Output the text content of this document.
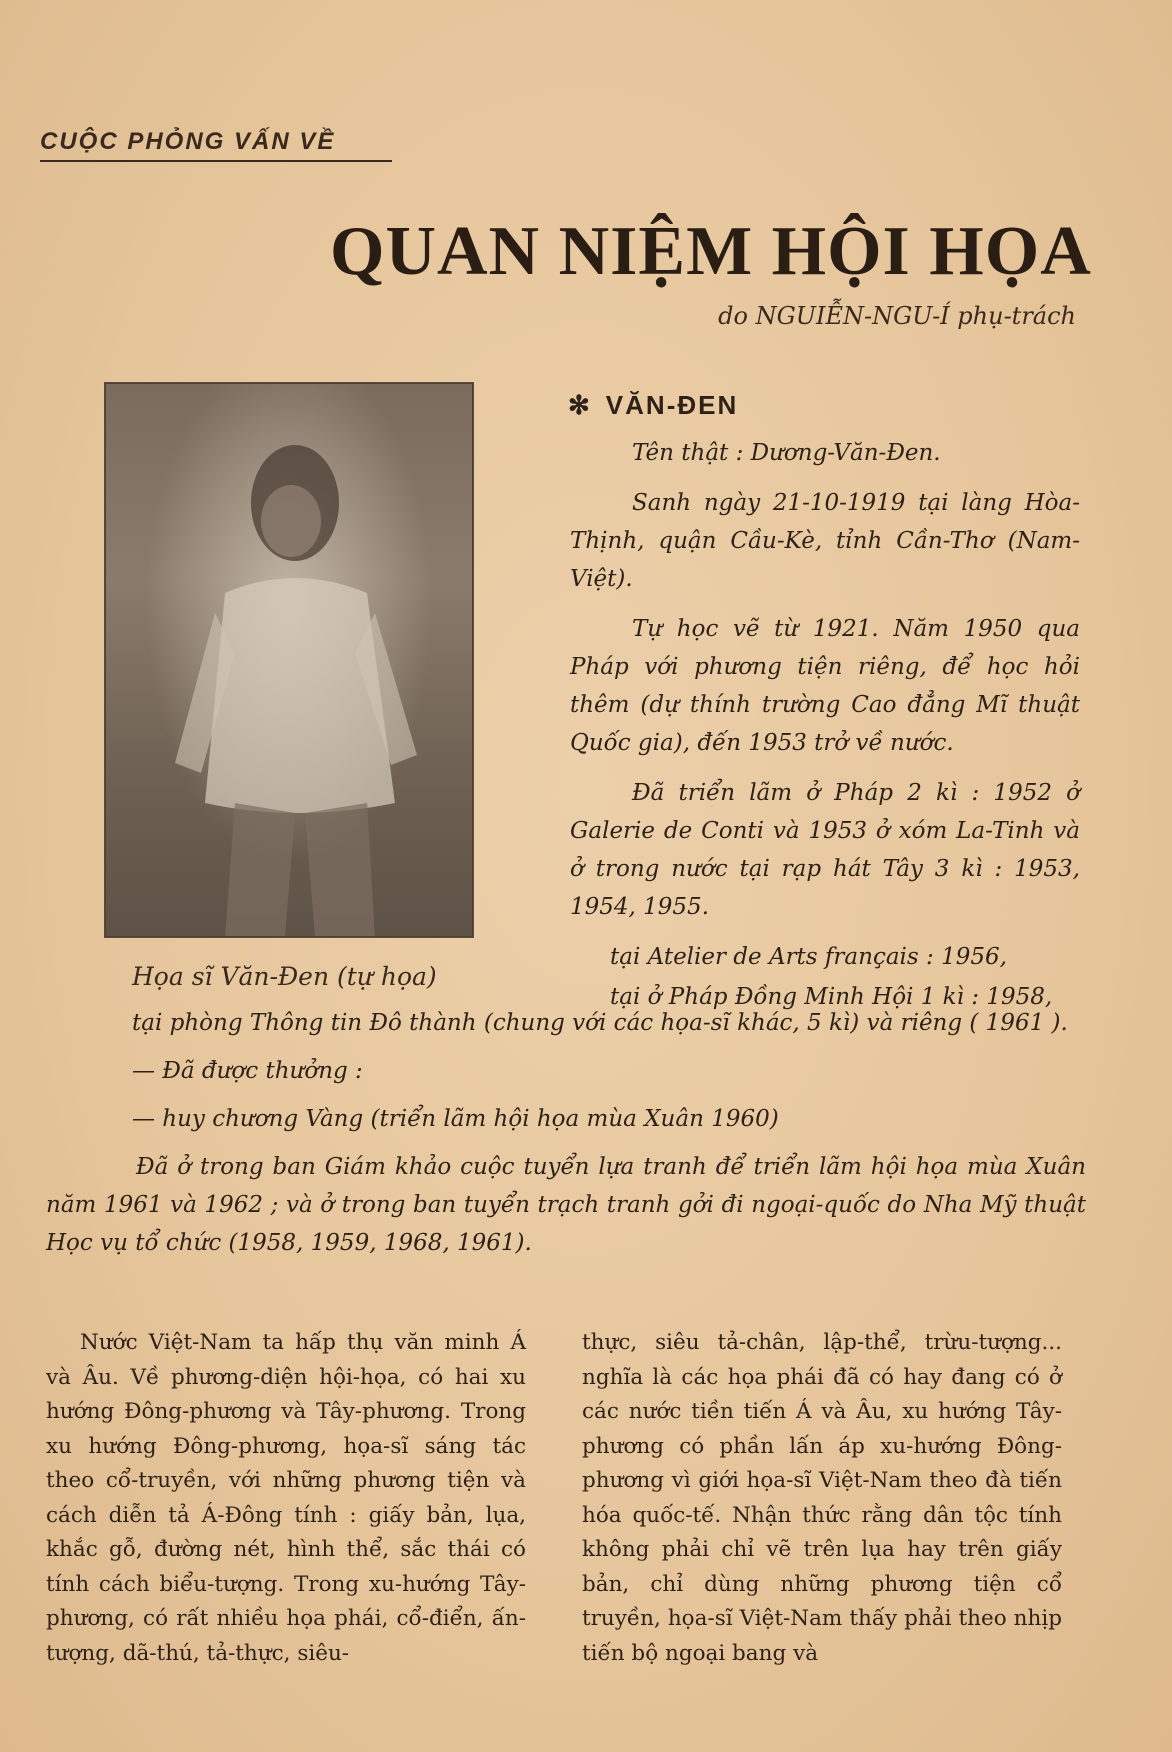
CUỘC PHỎNG VẤN VỀ
QUAN NIỆM HỘI HỌA
do NGUIỄN-NGU-Í phụ-trách
Họa sĩ Văn-Đen (tự họa)
✻ VĂN-ĐEN

Tên thật : Dương-Văn-Đen.

Sanh ngày 21-10-1919 tại làng Hòa-Thịnh, quận Cầu-Kè, tỉnh Cần-Thơ (Nam-Việt).

Tự học vẽ từ 1921. Năm 1950 qua Pháp với phương tiện riêng, để học hỏi thêm (dự thính trường Cao đẳng Mĩ thuật Quốc gia), đến 1953 trở về nước.

Đã triển lãm ở Pháp 2 kì : 1952 ở Galerie de Conti và 1953 ở xóm La-Tinh và ở trong nước tại rạp hát Tây 3 kì : 1953, 1954, 1955.

tại Atelier de Arts français : 1956,

tại ở Pháp Đồng Minh Hội 1 kì : 1958,

tại phòng Thông tin Đô thành (chung với các họa-sĩ khác, 5 kì) và riêng ( 1961 ).

— Đã được thưởng :

— huy chương Vàng (triển lãm hội họa mùa Xuân 1960)

Đã ở trong ban Giám khảo cuộc tuyển lựa tranh để triển lãm hội họa mùa Xuân năm 1961 và 1962 ; và ở trong ban tuyển trạch tranh gởi đi ngoại-quốc do Nha Mỹ thuật Học vụ tổ chức (1958, 1959, 1968, 1961).

Nước Việt-Nam ta hấp thụ văn minh Á và Âu. Về phương-diện hội-họa, có hai xu hướng Đông-phương và Tây-phương. Trong xu hướng Đông-phương, họa-sĩ sáng tác theo cổ-truyền, với những phương tiện và cách diễn tả Á-Đông tính : giấy bản, lụa, khắc gỗ, đường nét, hình thể, sắc thái có tính cách biểu-tượng. Trong xu-hướng Tây-phương, có rất nhiều họa phái, cổ-điển, ấn-tượng, dã-thú, tả-thực, siêu-
thực, siêu tả-chân, lập-thể, trừu-tượng... nghĩa là các họa phái đã có hay đang có ở các nước tiền tiến Á và Âu, xu hướng Tây-phương có phần lấn áp xu-hướng Đông-phương vì giới họa-sĩ Việt-Nam theo đà tiến hóa quốc-tế. Nhận thức rằng dân tộc tính không phải chỉ vẽ trên lụa hay trên giấy bản, chỉ dùng những phương tiện cổ truyền, họa-sĩ Việt-Nam thấy phải theo nhịp tiến bộ ngoại bang và
